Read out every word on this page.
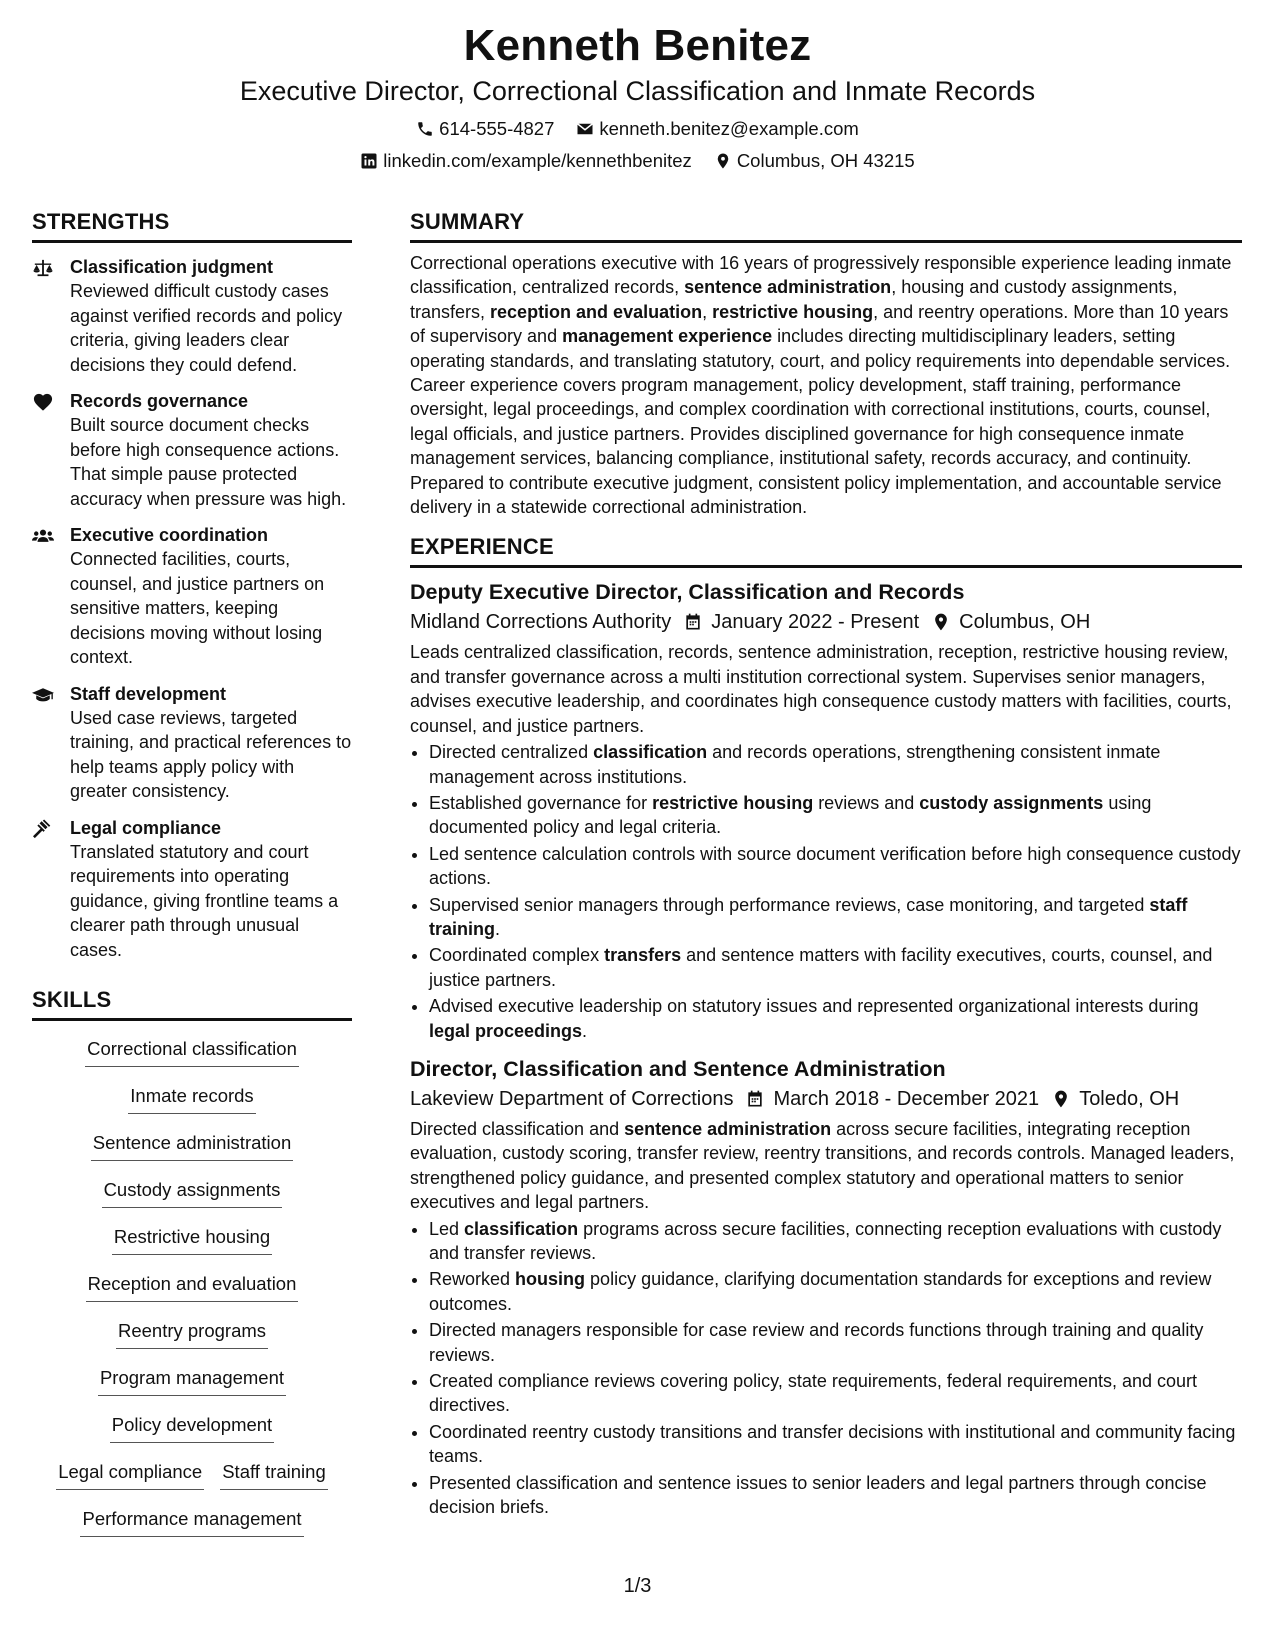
Kenneth Benitez
Executive Director, Correctional Classification and Inmate Records
614-555-4827 kenneth.benitez@example.com
linkedin.com/example/kennethbenitez Columbus, OH 43215
STRENGTHS
Classification judgment
Reviewed difficult custody cases against verified records and policy criteria, giving leaders clear decisions they could defend.
Records governance
Built source document checks before high consequence actions. That simple pause protected accuracy when pressure was high.
Executive coordination
Connected facilities, courts, counsel, and justice partners on sensitive matters, keeping decisions moving without losing context.
Staff development
Used case reviews, targeted training, and practical references to help teams apply policy with greater consistency.
Legal compliance
Translated statutory and court requirements into operating guidance, giving frontline teams a clearer path through unusual cases.
SKILLS
Correctional classification
Inmate records
Sentence administration
Custody assignments
Restrictive housing
Reception and evaluation
Reentry programs
Program management
Policy development
Legal compliance Staff training
Performance management
SUMMARY
Correctional operations executive with 16 years of progressively responsible experience leading inmate classification, centralized records, sentence administration, housing and custody assignments, transfers, reception and evaluation, restrictive housing, and reentry operations. More than 10 years of supervisory and management experience includes directing multidisciplinary leaders, setting operating standards, and translating statutory, court, and policy requirements into dependable services. Career experience covers program management, policy development, staff training, performance oversight, legal proceedings, and complex coordination with correctional institutions, courts, counsel, legal officials, and justice partners. Provides disciplined governance for high consequence inmate management services, balancing compliance, institutional safety, records accuracy, and continuity. Prepared to contribute executive judgment, consistent policy implementation, and accountable service delivery in a statewide correctional administration.
EXPERIENCE
Deputy Executive Director, Classification and Records
Midland Corrections Authority January 2022 - Present Columbus, OH
Leads centralized classification, records, sentence administration, reception, restrictive housing review, and transfer governance across a multi institution correctional system. Supervises senior managers, advises executive leadership, and coordinates high consequence custody matters with facilities, courts, counsel, and justice partners.
• Directed centralized classification and records operations, strengthening consistent inmate management across institutions.
• Established governance for restrictive housing reviews and custody assignments using documented policy and legal criteria.
• Led sentence calculation controls with source document verification before high consequence custody actions.
• Supervised senior managers through performance reviews, case monitoring, and targeted staff training.
• Coordinated complex transfers and sentence matters with facility executives, courts, counsel, and justice partners.
• Advised executive leadership on statutory issues and represented organizational interests during legal proceedings.
Director, Classification and Sentence Administration
Lakeview Department of Corrections March 2018 - December 2021 Toledo, OH
Directed classification and sentence administration across secure facilities, integrating reception evaluation, custody scoring, transfer review, reentry transitions, and records controls. Managed leaders, strengthened policy guidance, and presented complex statutory and operational matters to senior executives and legal partners.
• Led classification programs across secure facilities, connecting reception evaluations with custody and transfer reviews.
• Reworked housing policy guidance, clarifying documentation standards for exceptions and review outcomes.
• Directed managers responsible for case review and records functions through training and quality reviews.
• Created compliance reviews covering policy, state requirements, federal requirements, and court directives.
• Coordinated reentry custody transitions and transfer decisions with institutional and community facing teams.
• Presented classification and sentence issues to senior leaders and legal partners through concise decision briefs.
1/3
